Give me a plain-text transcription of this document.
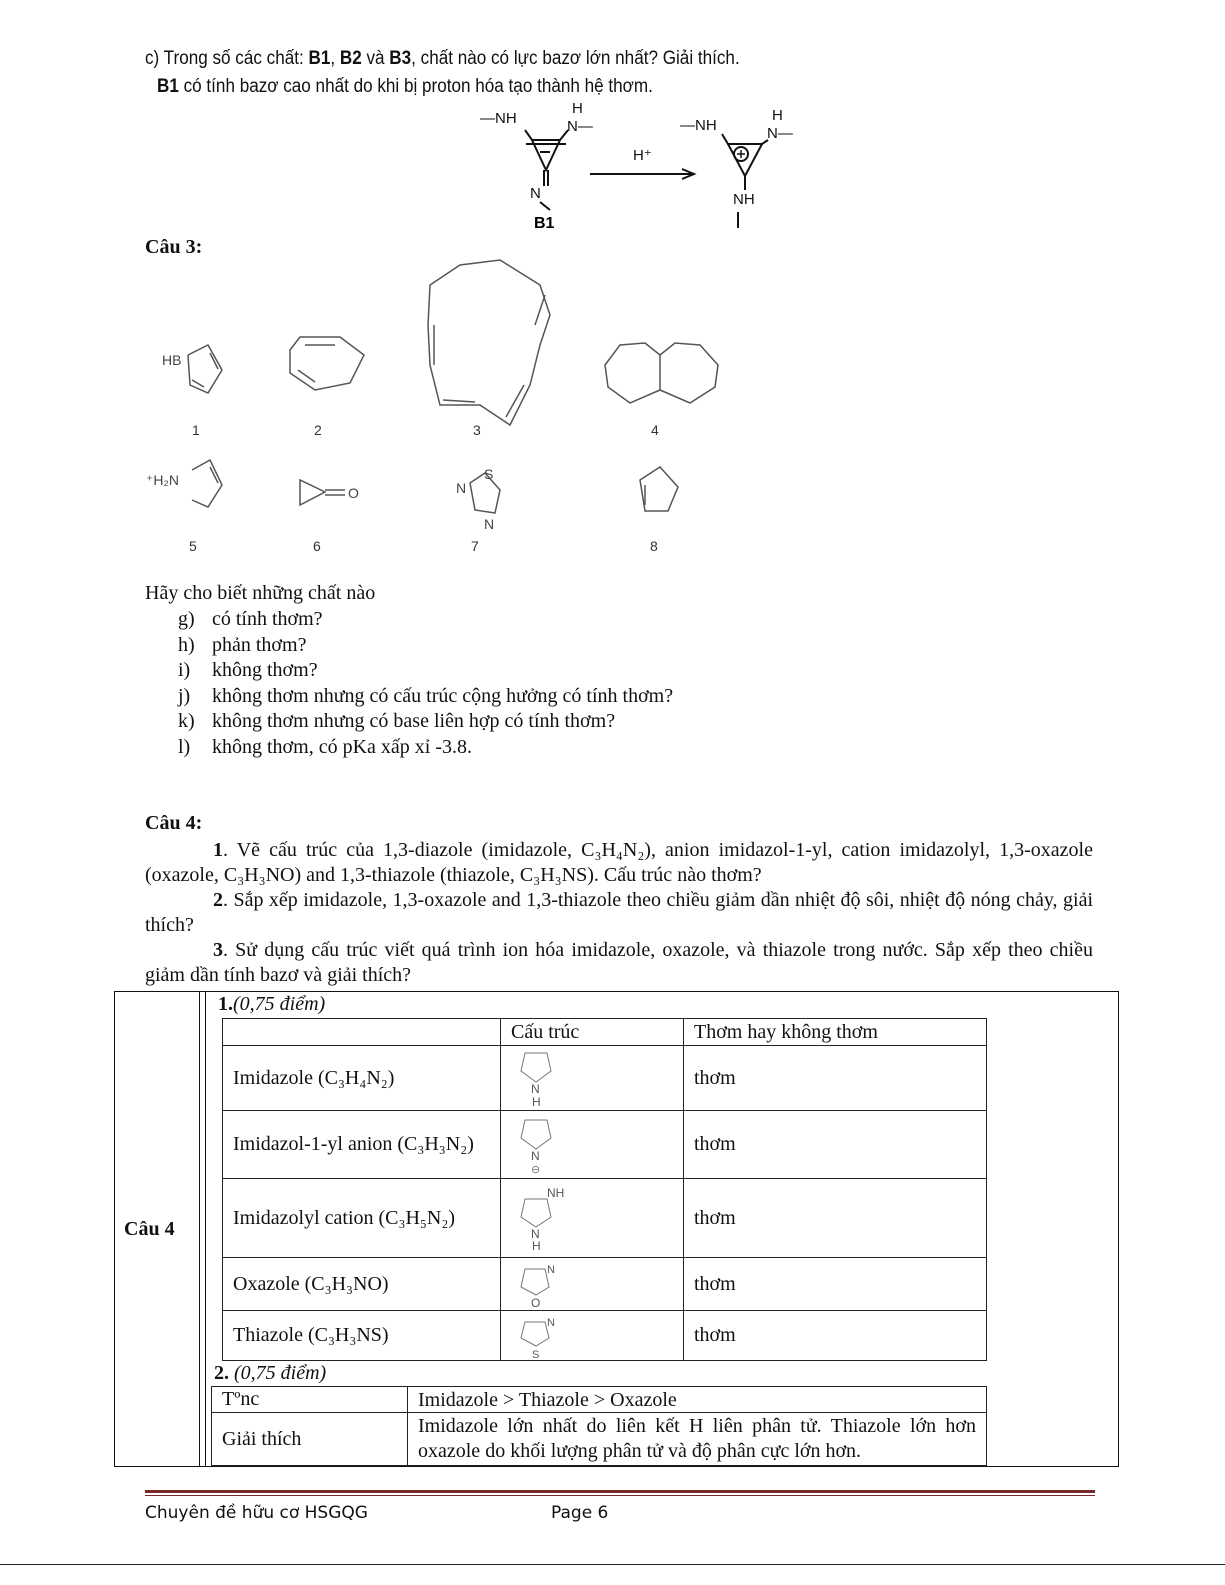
c) Trong số các chất: B1, B2 và B3, chất nào có lực bazơ lớn nhất? Giải thích.
B1 có tính bazơ cao nhất do khi bị proton hóa tạo thành hệ thơm.
—NH
H
N—
N
—NH
H
N—
NH
H⁺
B1
Câu 3:
HB
⁺H₂N
O	N
S
N
1	2	3	4
5	6	7	8
Hãy cho biết những chất nào
g) có tính thơm?
h) phản thơm?
i) không thơm?
j) không thơm nhưng có cấu trúc cộng hưởng có tính thơm?
k) không thơm nhưng có base liên hợp có tính thơm?
l) không thơm, có pKa xấp xỉ -3.8.
Câu 4:

1. Vẽ cấu trúc của 1,3-diazole (imidazole, C₃H₄N₂), anion imidazol-1-yl, cation imidazolyl, 1,3-oxazole (oxazole, C₃H₃NO) and 1,3-thiazole (thiazole, C₃H₃NS). Cấu trúc nào thơm?

2. Sắp xếp imidazole, 1,3-oxazole and 1,3-thiazole theo chiều giảm dần nhiệt độ sôi, nhiệt độ nóng chảy, giải thích?

3. Sử dụng cấu trúc viết quá trình ion hóa imidazole, oxazole, và thiazole trong nước. Sắp xếp theo chiều giảm dần tính bazơ và giải thích?

Câu 4
1.(0,75 điểm)
	Cấu trúc	Thơm hay không thơm
Imidazole (C₃H₄N₂)	N
H	thơm
Imidazol-1-yl anion (C₃H₃N₂)	N
⊖	thơm
Imidazolyl cation (C₃H₅N₂)	NH
N
H	thơm
Oxazole (C₃H₃NO)	N
O	thơm
Thiazole (C₃H₃NS)	N
S	thơm
2. (0,75 điểm)
Tºnc	Imidazole > Thiazole > Oxazole
Giải thích	Imidazole lớn nhất do liên kết H liên phân tử. Thiazole lớn hơn oxazole do khối lượng phân tử và độ phân cực lớn hơn.
Chuyên đề hữu cơ HSGQG	Page 6
